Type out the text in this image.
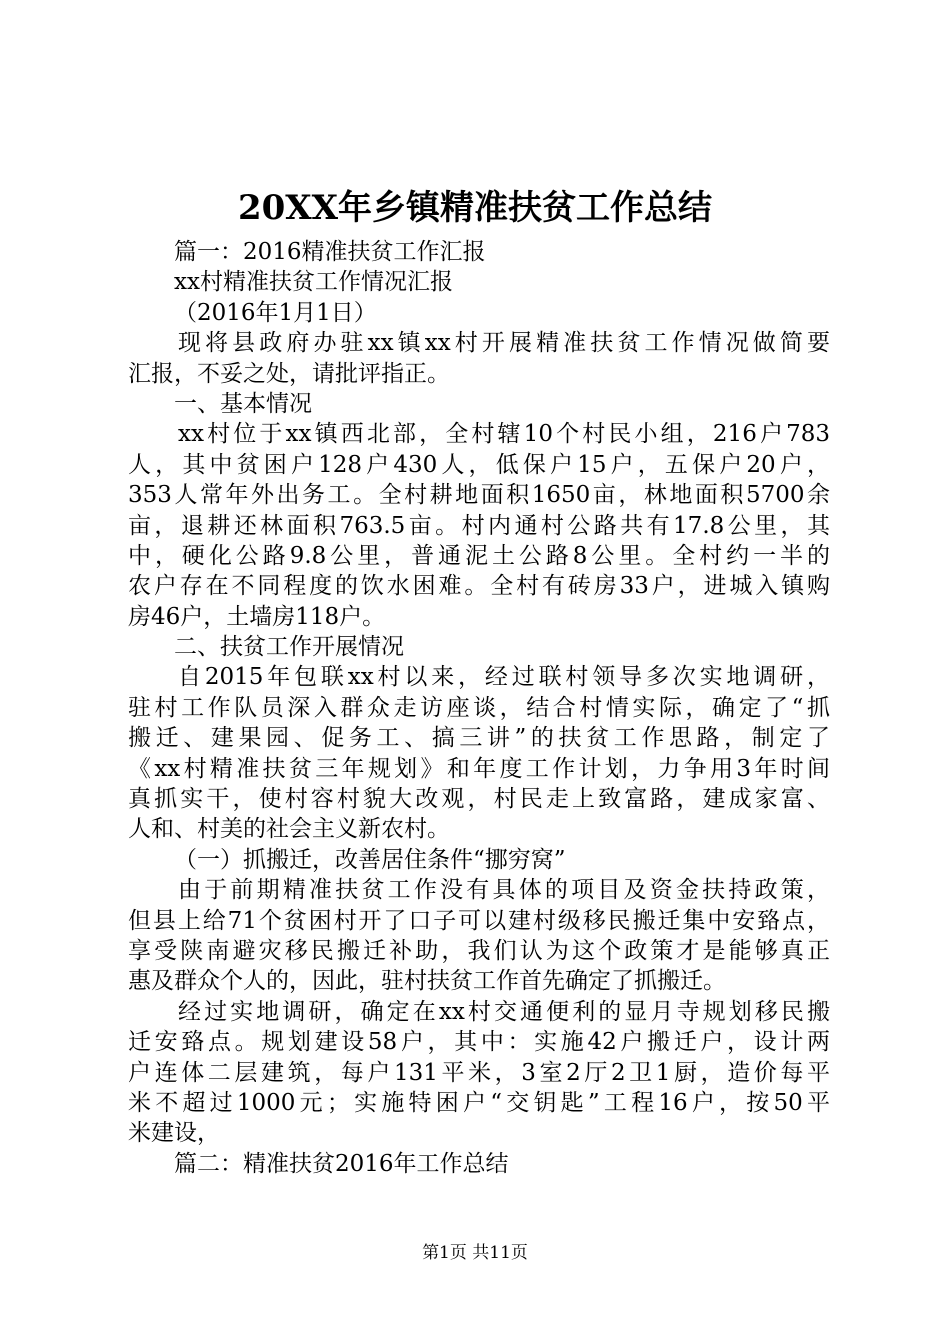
20XX年乡镇精准扶贫工作总结
篇一：2016精准扶贫工作汇报
xx村精准扶贫工作情况汇报
（2016年1月1日）
现将县政府办驻xx镇xx村开展精准扶贫工作情况做简要
汇报，不妥之处，请批评指正。
一、基本情况
xx村位于xx镇西北部，全村辖10个村民小组，216户783
人，其中贫困户128户430人，低保户15户，五保户20户，
353人常年外出务工。全村耕地面积1650亩，林地面积5700余
亩，退耕还林面积763.5亩。村内通村公路共有17.8公里，其
中，硬化公路9.8公里，普通泥土公路8公里。全村约一半的
农户存在不同程度的饮水困难。全村有砖房33户，进城入镇购
房46户，土墙房118户。
二、扶贫工作开展情况
自2015年包联xx村以来，经过联村领导多次实地调研，
驻村工作队员深入群众走访座谈，结合村情实际，确定了“抓
搬迁、建果园、促务工、搞三讲”的扶贫工作思路，制定了
《xx村精准扶贫三年规划》和年度工作计划，力争用3年时间
真抓实干，使村容村貌大改观，村民走上致富路，建成家富、
人和、村美的社会主义新农村。
（一）抓搬迁，改善居住条件“挪穷窝”
由于前期精准扶贫工作没有具体的项目及资金扶持政策，
但县上给71个贫困村开了口子可以建村级移民搬迁集中安臵点，
享受陕南避灾移民搬迁补助，我们认为这个政策才是能够真正
惠及群众个人的，因此，驻村扶贫工作首先确定了抓搬迁。
经过实地调研，确定在xx村交通便利的显月寺规划移民搬
迁安臵点。规划建设58户，其中：实施42户搬迁户，设计两
户连体二层建筑，每户131平米，3室2厅2卫1厨，造价每平
米不超过1000元；实施特困户“交钥匙”工程16户，按50平
米建设，
篇二：精准扶贫2016年工作总结
第1页 共11页
